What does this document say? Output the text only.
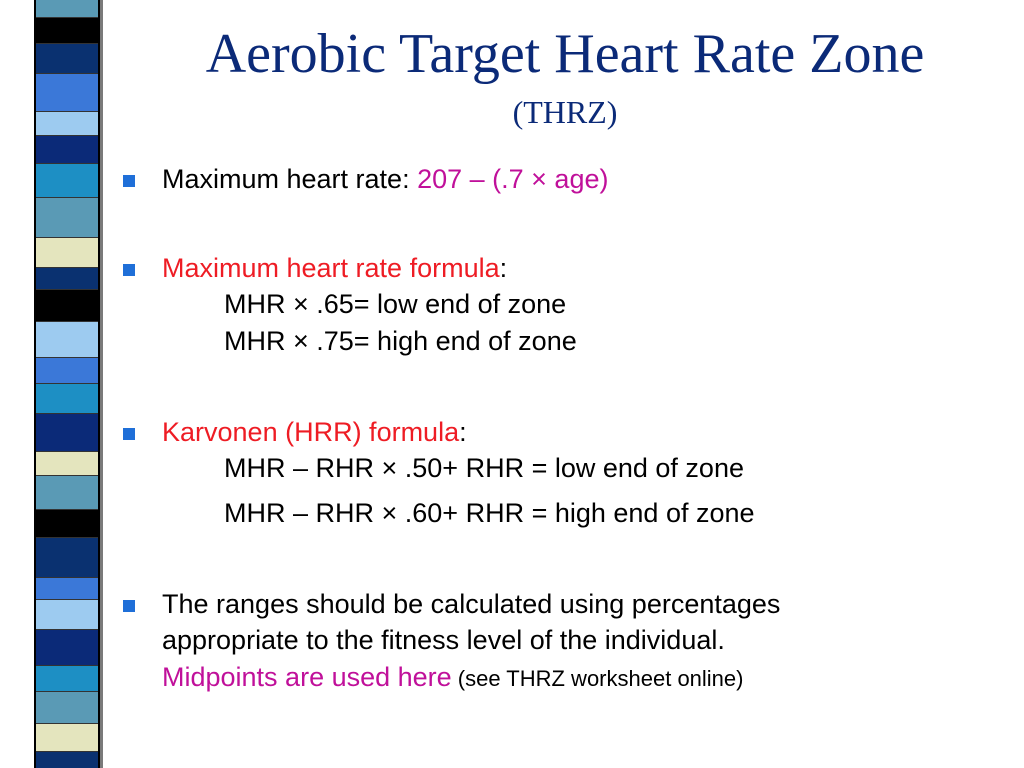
Aerobic Target Heart Rate Zone
(THRZ)
Maximum heart rate: 207 – (.7 × age)
Maximum heart rate formula:
MHR × .65= low end of zone
MHR × .75= high end of zone
Karvonen (HRR) formula:
MHR – RHR × .50+ RHR = low end of zone
MHR – RHR × .60+ RHR = high end of zone
The ranges should be calculated using percentages
appropriate to the fitness level of the individual.
Midpoints are used here (see THRZ worksheet online)
